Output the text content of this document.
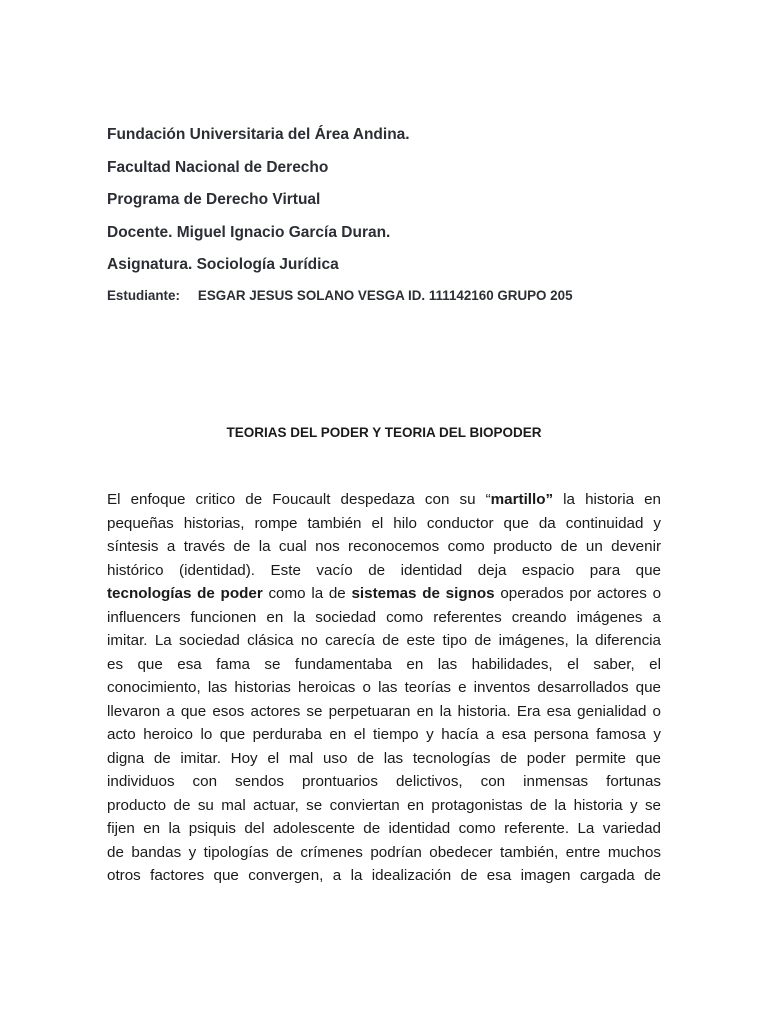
Fundación Universitaria del Área Andina.
Facultad Nacional de Derecho
Programa de Derecho Virtual
Docente. Miguel Ignacio García Duran.
Asignatura. Sociología Jurídica
Estudiante: ESGAR JESUS SOLANO VESGA ID. 111142160 GRUPO 205
TEORIAS DEL PODER Y TEORIA DEL BIOPODER
El enfoque critico de Foucault despedaza con su “martillo” la historia en
pequeñas historias, rompe también el hilo conductor que da continuidad y
síntesis a través de la cual nos reconocemos como producto de un devenir
histórico (identidad). Este vacío de identidad deja espacio para que
tecnologías de poder como la de sistemas de signos operados por actores o
influencers funcionen en la sociedad como referentes creando imágenes a
imitar. La sociedad clásica no carecía de este tipo de imágenes, la diferencia
es que esa fama se fundamentaba en las habilidades, el saber, el
conocimiento, las historias heroicas o las teorías e inventos desarrollados que
llevaron a que esos actores se perpetuaran en la historia. Era esa genialidad o
acto heroico lo que perduraba en el tiempo y hacía a esa persona famosa y
digna de imitar. Hoy el mal uso de las tecnologías de poder permite que
individuos con sendos prontuarios delictivos, con inmensas fortunas
producto de su mal actuar, se conviertan en protagonistas de la historia y se
fijen en la psiquis del adolescente de identidad como referente. La variedad
de bandas y tipologías de crímenes podrían obedecer también, entre muchos
otros factores que convergen, a la idealización de esa imagen cargada de
